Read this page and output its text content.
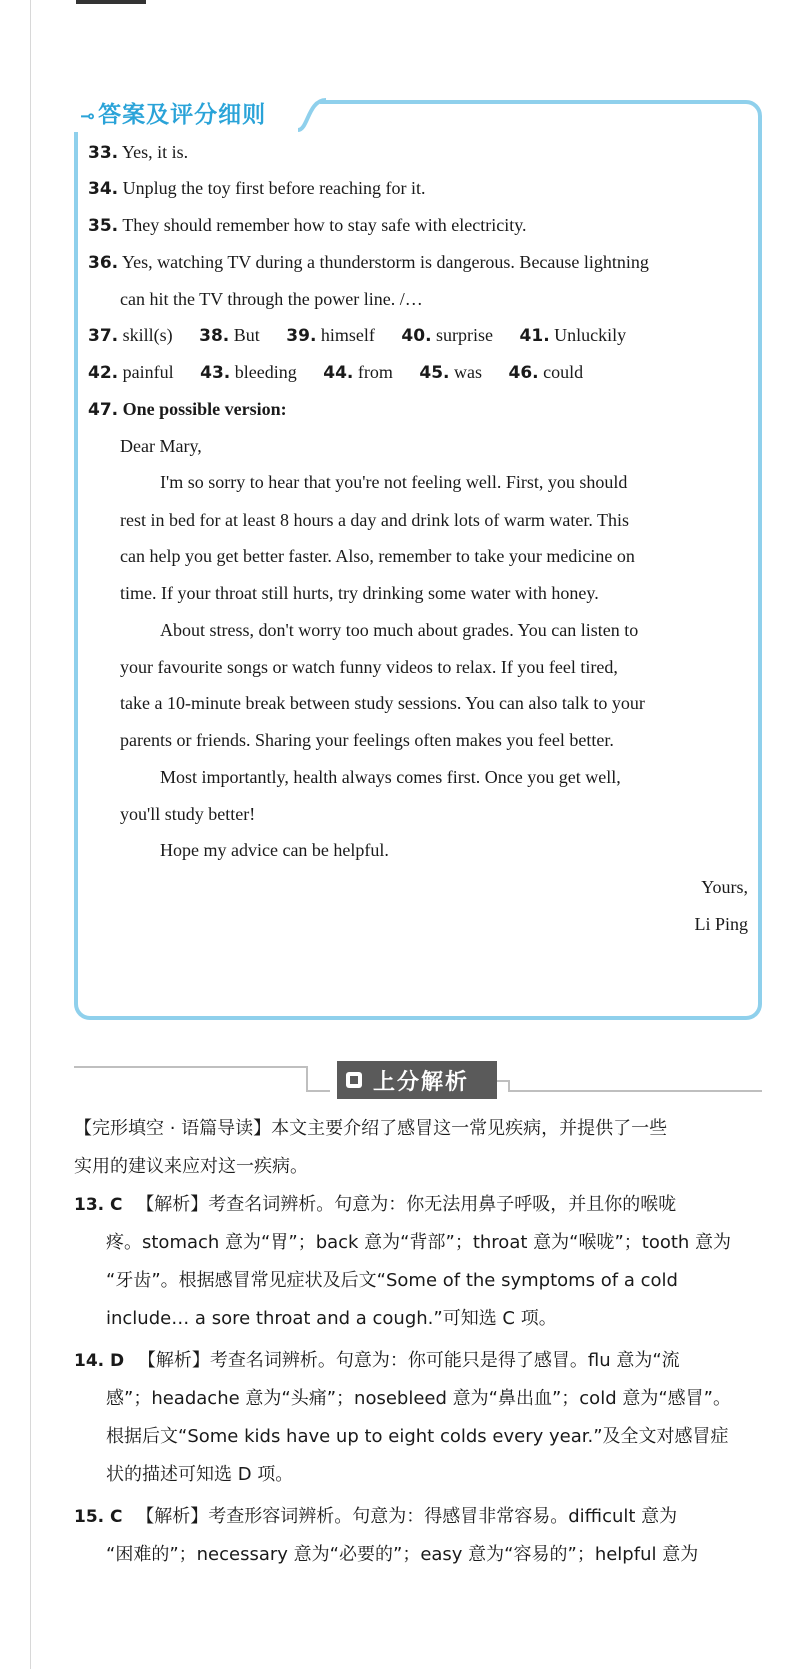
⊸答案及评分细则
33. Yes, it is.
34. Unplug the toy first before reaching for it.
35. They should remember how to stay safe with electricity.
36. Yes, watching TV during a thunderstorm is dangerous. Because lightning
can hit the TV through the power line. /…
37. skill(s) 38. But 39. himself 40. surprise 41. Unluckily
42. painful 43. bleeding 44. from 45. was 46. could
47. One possible version:
Dear Mary,
I'm so sorry to hear that you're not feeling well. First, you should
rest in bed for at least 8 hours a day and drink lots of warm water. This
can help you get better faster. Also, remember to take your medicine on
time. If your throat still hurts, try drinking some water with honey.
About stress, don't worry too much about grades. You can listen to
your favourite songs or watch funny videos to relax. If you feel tired,
take a 10-minute break between study sessions. You can also talk to your
parents or friends. Sharing your feelings often makes you feel better.
Most importantly, health always comes first. Once you get well,
you'll study better!
Hope my advice can be helpful.
Yours,
Li Ping
上分解析
【完形填空 · 语篇导读】本文主要介绍了感冒这一常见疾病，并提供了一些
实用的建议来应对这一疾病。
13. C 【解析】考查名词辨析。句意为：你无法用鼻子呼吸，并且你的喉咙
疼。stomach 意为“胃”；back 意为“背部”；throat 意为“喉咙”；tooth 意为
“牙齿”。根据感冒常见症状及后文“Some of the symptoms of a cold
include… a sore throat and a cough.”可知选 C 项。
14. D 【解析】考查名词辨析。句意为：你可能只是得了感冒。flu 意为“流
感”；headache 意为“头痛”；nosebleed 意为“鼻出血”；cold 意为“感冒”。
根据后文“Some kids have up to eight colds every year.”及全文对感冒症
状的描述可知选 D 项。
15. C 【解析】考查形容词辨析。句意为：得感冒非常容易。difficult 意为
“困难的”；necessary 意为“必要的”；easy 意为“容易的”；helpful 意为
